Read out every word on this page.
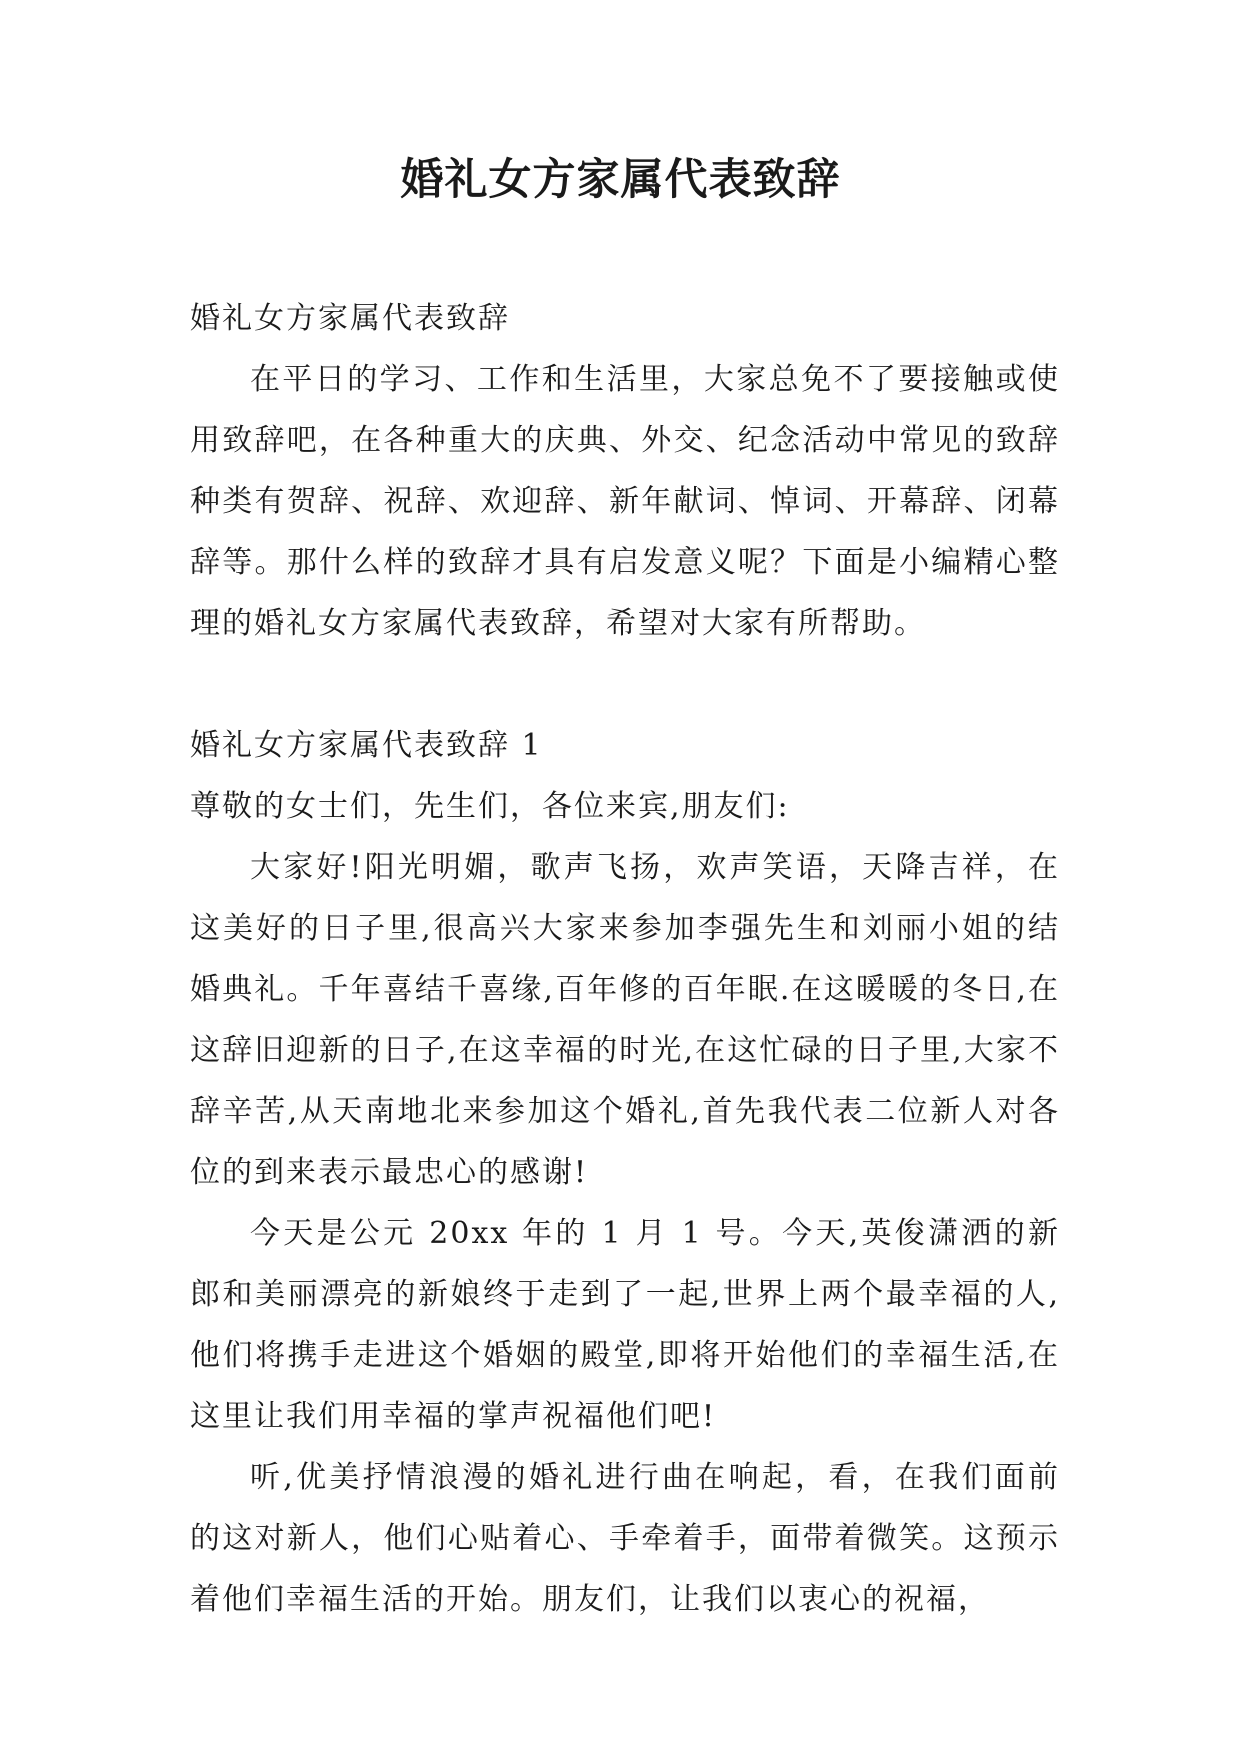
婚礼女方家属代表致辞

婚礼女方家属代表致辞

在平日的学习、工作和生活里，大家总免不了要接触或使用致辞吧，在各种重大的庆典、外交、纪念活动中常见的致辞种类有贺辞、祝辞、欢迎辞、新年献词、悼词、开幕辞、闭幕辞等。那什么样的致辞才具有启发意义呢？下面是小编精心整理的婚礼女方家属代表致辞，希望对大家有所帮助。

婚礼女方家属代表致辞 1

尊敬的女士们，先生们，各位来宾,朋友们:

大家好!阳光明媚，歌声飞扬，欢声笑语，天降吉祥，在这美好的日子里,很高兴大家来参加李强先生和刘丽小姐的结婚典礼。千年喜结千喜缘,百年修的百年眠.在这暖暖的冬日,在这辞旧迎新的日子,在这幸福的时光,在这忙碌的日子里,大家不辞辛苦,从天南地北来参加这个婚礼,首先我代表二位新人对各位的到来表示最忠心的感谢!

今天是公元 20xx 年的 1 月 1 号。今天,英俊潇洒的新郎和美丽漂亮的新娘终于走到了一起,世界上两个最幸福的人,他们将携手走进这个婚姻的殿堂,即将开始他们的幸福生活,在这里让我们用幸福的掌声祝福他们吧!

听,优美抒情浪漫的婚礼进行曲在响起，看，在我们面前的这对新人，他们心贴着心、手牵着手，面带着微笑。这预示着他们幸福生活的开始。朋友们，让我们以衷心的祝福，
